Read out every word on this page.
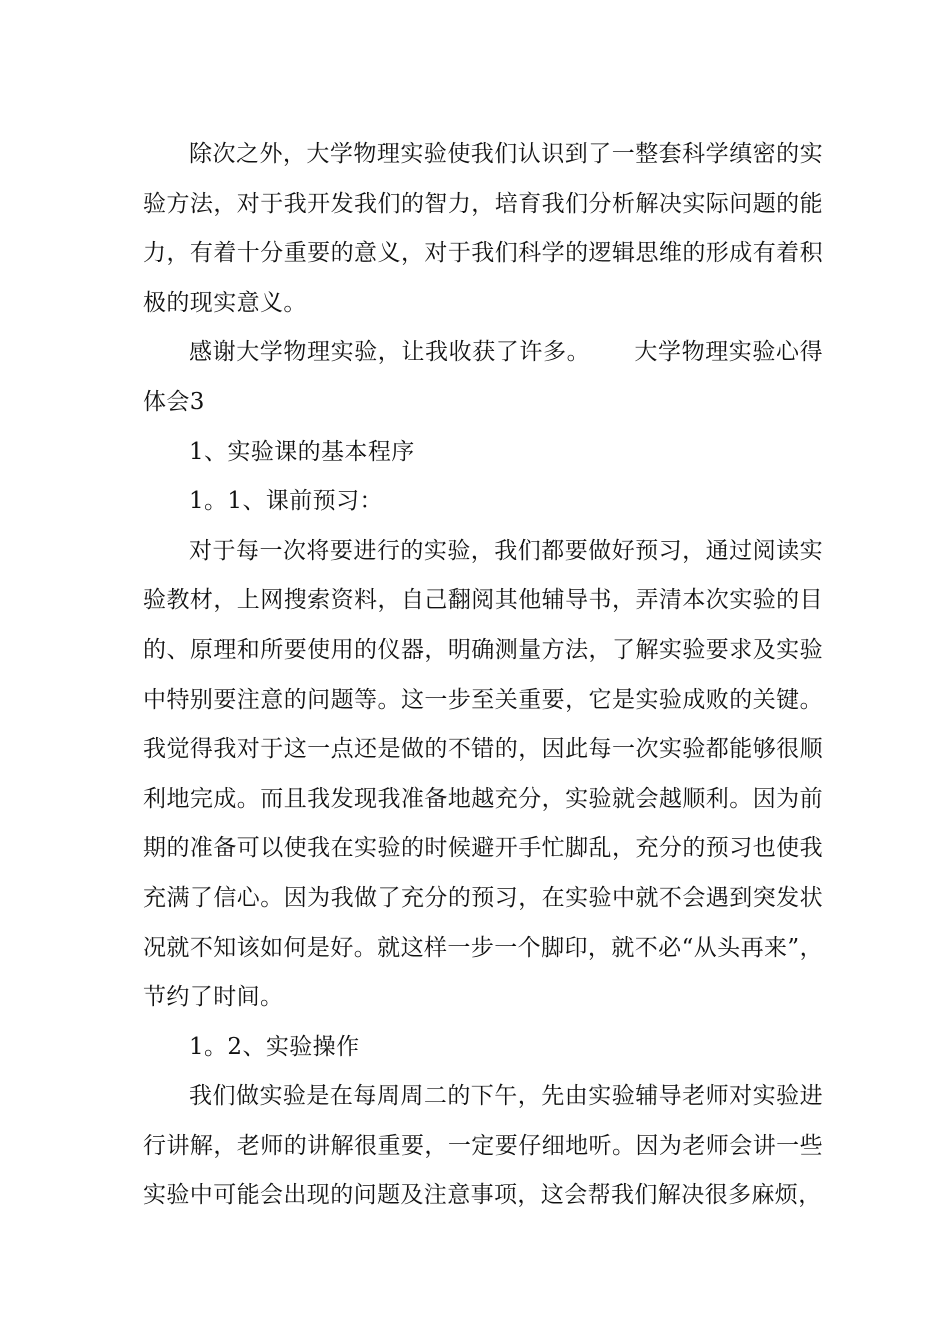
除次之外，大学物理实验使我们认识到了一整套科学缜密的实验方法，对于我开发我们的智力，培育我们分析解决实际问题的能力，有着十分重要的意义，对于我们科学的逻辑思维的形成有着积极的现实意义。

感谢大学物理实验，让我收获了许多。 大学物理实验心得体会3

1、实验课的基本程序

1。1、课前预习：

对于每一次将要进行的实验，我们都要做好预习，通过阅读实验教材，上网搜索资料，自己翻阅其他辅导书，弄清本次实验的目的、原理和所要使用的仪器，明确测量方法，了解实验要求及实验中特别要注意的问题等。这一步至关重要，它是实验成败的关键。我觉得我对于这一点还是做的不错的，因此每一次实验都能够很顺利地完成。而且我发现我准备地越充分，实验就会越顺利。因为前期的准备可以使我在实验的时候避开手忙脚乱，充分的预习也使我充满了信心。因为我做了充分的预习，在实验中就不会遇到突发状况就不知该如何是好。就这样一步一个脚印，就不必“从头再来”，节约了时间。

1。2、实验操作

我们做实验是在每周周二的下午，先由实验辅导老师对实验进行讲解，老师的讲解很重要，一定要仔细地听。因为老师会讲一些实验中可能会出现的问题及注意事项，这会帮我们解决很多麻烦，
